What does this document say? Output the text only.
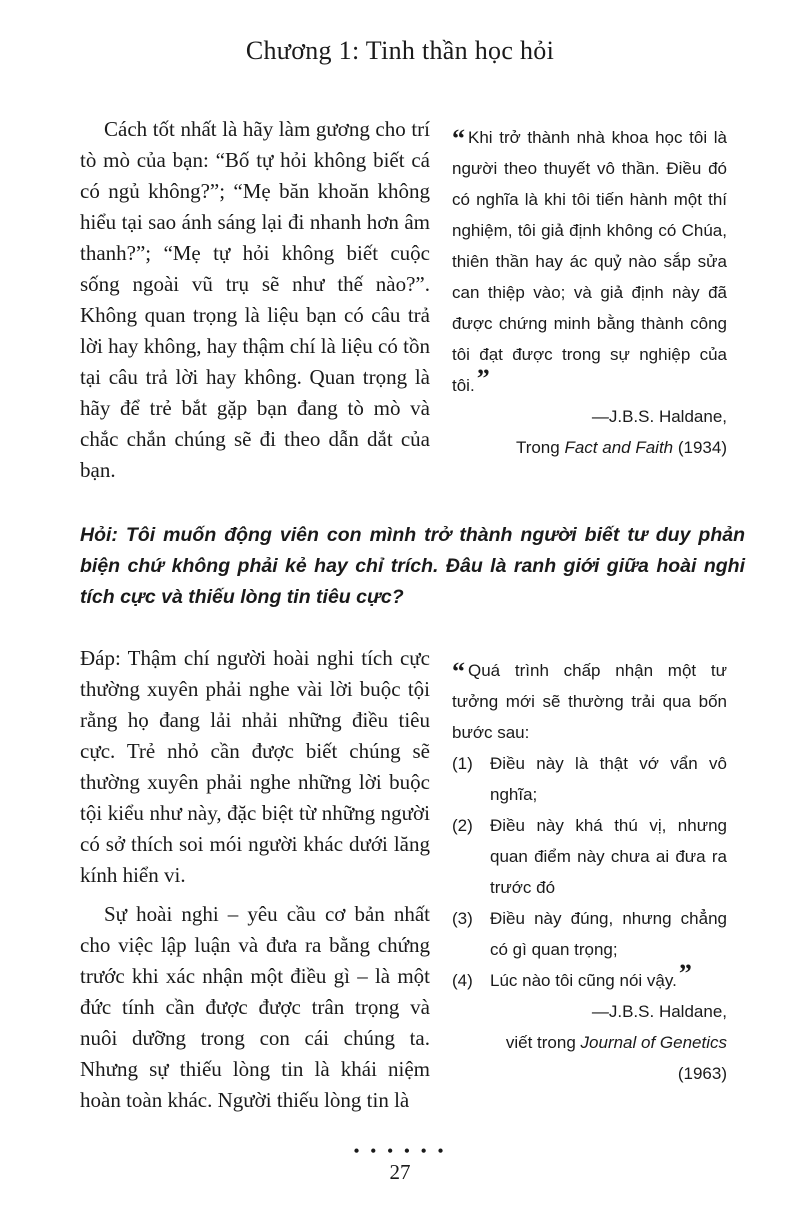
Chương 1: Tinh thần học hỏi

Cách tốt nhất là hãy làm gương cho trí tò mò của bạn: “Bố tự hỏi không biết cá có ngủ không?”; “Mẹ băn khoăn không hiểu tại sao ánh sáng lại đi nhanh hơn âm thanh?”; “Mẹ tự hỏi không biết cuộc sống ngoài vũ trụ sẽ như thế nào?”. Không quan trọng là liệu bạn có câu trả lời hay không, hay thậm chí là liệu có tồn tại câu trả lời hay không. Quan trọng là hãy để trẻ bắt gặp bạn đang tò mò và chắc chắn chúng sẽ đi theo dẫn dắt của bạn.

“ Khi trở thành nhà khoa học tôi là người theo thuyết vô thần. Điều đó có nghĩa là khi tôi tiến hành một thí nghiệm, tôi giả định không có Chúa, thiên thần hay ác quỷ nào sắp sửa can thiệp vào; và giả định này đã được chứng minh bằng thành công tôi đạt được trong sự nghiệp của tôi.”

—J.B.S. Haldane,

Trong Fact and Faith (1934)

Hỏi: Tôi muốn động viên con mình trở thành người biết tư duy phản biện chứ không phải kẻ hay chỉ trích. Đâu là ranh giới giữa hoài nghi tích cực và thiếu lòng tin tiêu cực?

Đáp: Thậm chí người hoài nghi tích cực thường xuyên phải nghe vài lời buộc tội rằng họ đang lải nhải những điều tiêu cực. Trẻ nhỏ cần được biết chúng sẽ thường xuyên phải nghe những lời buộc tội kiểu như này, đặc biệt từ những người có sở thích soi mói người khác dưới lăng kính hiển vi.

Sự hoài nghi – yêu cầu cơ bản nhất cho việc lập luận và đưa ra bằng chứng trước khi xác nhận một điều gì – là một đức tính cần được được trân trọng và nuôi dưỡng trong con cái chúng ta. Nhưng sự thiếu lòng tin là khái niệm hoàn toàn khác. Người thiếu lòng tin là

“ Quá trình chấp nhận một tư tưởng mới sẽ thường trải qua bốn bước sau:

(1)	Điều này là thật vớ vẩn vô nghĩa;
(2)	Điều này khá thú vị, nhưng quan điểm này chưa ai đưa ra trước đó
(3)	Điều này đúng, nhưng chẳng có gì quan trọng;
(4)	Lúc nào tôi cũng nói vậy.”

—J.B.S. Haldane,

viết trong Journal of Genetics

(1963)

• • • • • •
27
